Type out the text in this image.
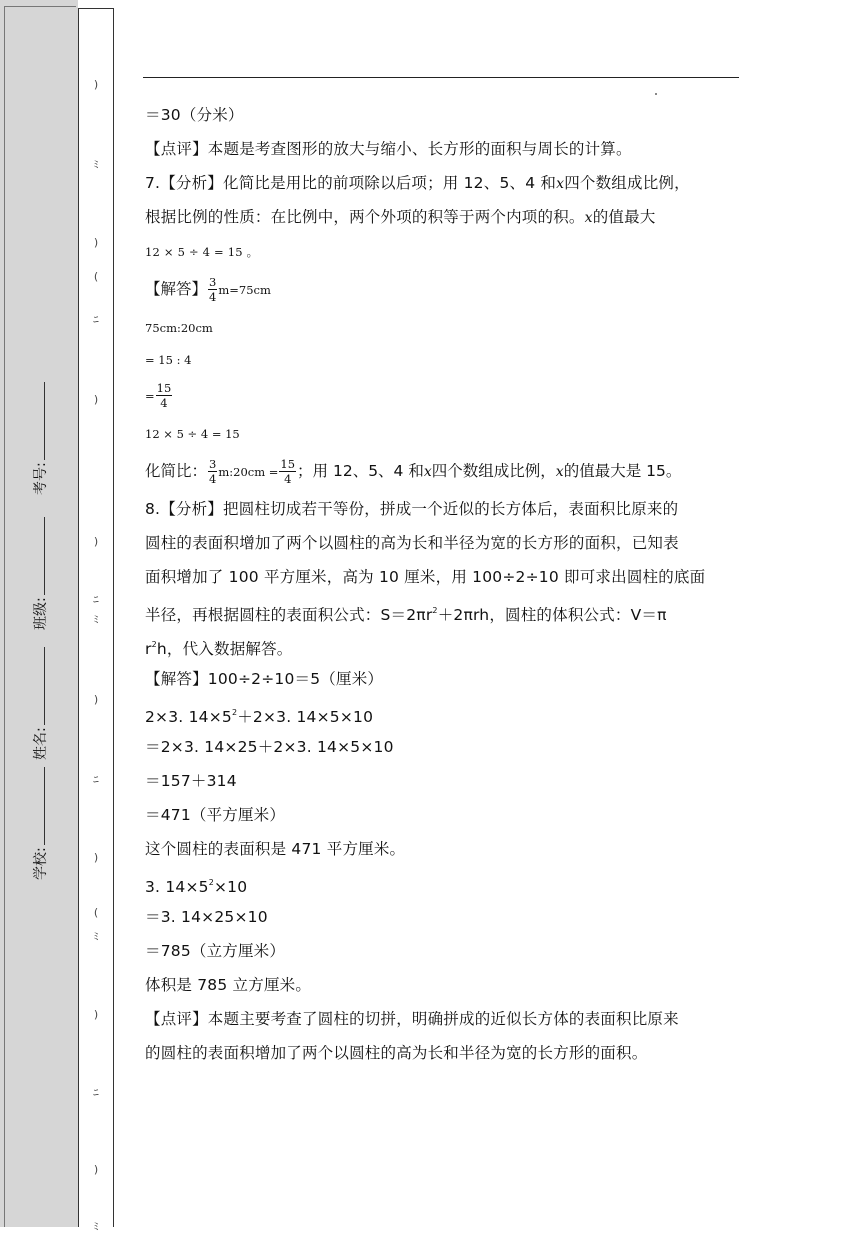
学校:
姓名:
班级:
考号:
)
ﾐ
)
(
ﾆ
)
)
ﾆ
ﾐ
)
ﾆ
)
(
ﾐ
)
ﾆ
)
ﾐ
＝30（分米）
【点评】本题是考查图形的放大与缩小、长方形的面积与周长的计算。
7.【分析】化简比是用比的前项除以后项；用 12、5、4 和x四个数组成比例，
根据比例的性质：在比例中，两个外项的积等于两个内项的积。x的值最大
12 × 5 ÷ 4 = 15 。
【解答】 $\frac{3}{4} m=75cm$
75cm:20cm
= 15 : 4
= $\frac{15}{4}$
12 × 5 ÷ 4 = 15
化简比： $\frac{3}{4}$ m:20cm = $\frac{15}{4}$ ；用 12、5、4 和x四个数组成比例，x的值最大是 15。
8.【分析】把圆柱切成若干等份，拼成一个近似的长方体后，表面积比原来的
圆柱的表面积增加了两个以圆柱的高为长和半径为宽的长方形的面积，已知表
面积增加了 100 平方厘米，高为 10 厘米，用 100÷2÷10 即可求出圆柱的底面
半径，再根据圆柱的表面积公式：$S=2\pi r^2+2\pi rh$，圆柱的体积公式：V＝π
$r^2h$，代入数据解答。
【解答】100÷2÷10＝5（厘米）
2×3. $14\times 5^2+2\times 3$. 14×5×10
＝2×3. 14×25＋2×3. 14×5×10
＝157＋314
＝471（平方厘米）
这个圆柱的表面积是 471 平方厘米。
3. $14\times 5^2\times 10$
＝3. 14×25×10
＝785（立方厘米）
体积是 785 立方厘米。
【点评】本题主要考查了圆柱的切拼，明确拼成的近似长方体的表面积比原来
的圆柱的表面积增加了两个以圆柱的高为长和半径为宽的长方形的面积。
